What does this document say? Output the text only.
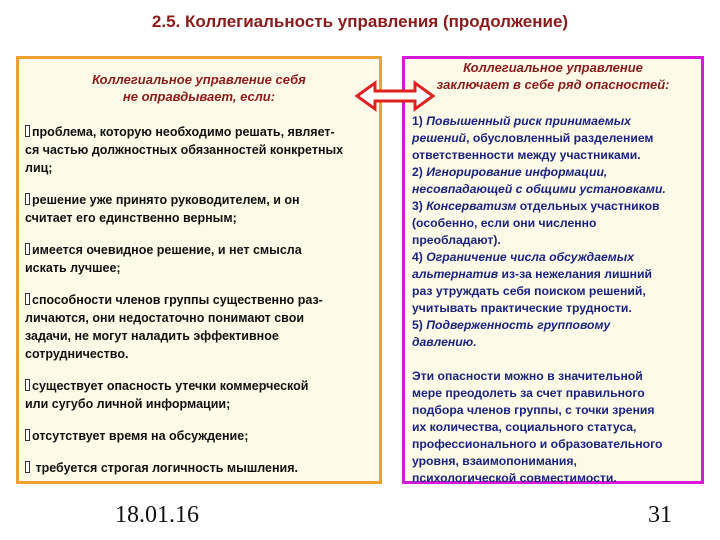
2.5. Коллегиальность управления (продолжение)
Коллегиальное управление себя
не оправдывает, если:
проблема, которую необходимо решать, являет-
ся частью должностных обязанностей конкретных
лиц;
решение уже принято руководителем, и он
считает его единственно верным;
имеется очевидное решение, и нет смысла
искать лучшее;
способности членов группы существенно раз-
личаются, они недостаточно понимают свои
задачи, не могут наладить эффективное
сотрудничество.
существует опасность утечки коммерческой
или сугубо личной информации;
отсутствует время на обсуждение;
требуется строгая логичность мышления.
Коллегиальное управление
заключает в себе ряд опасностей:

1) Повышенный риск принимаемых

решений, обусловленный разделением

ответственности между участниками.

2) Игнорирование информации,

несовпадающей с общими установками.

3) Консерватизм отдельных участников

(особенно, если они численно

преобладают).

4) Ограничение числа обсуждаемых

альтернатив из-за нежелания лишний

раз утруждать себя поиском решений,

учитывать практические трудности.

5) Подверженность групповому

давлению.

Эти опасности можно в значительной

мере преодолеть за счет правильного

подбора членов группы, с точки зрения

их количества, социального статуса,

профессионального и образовательного

уровня, взаимопонимания,

психологической совместимости.

18.01.16	31
